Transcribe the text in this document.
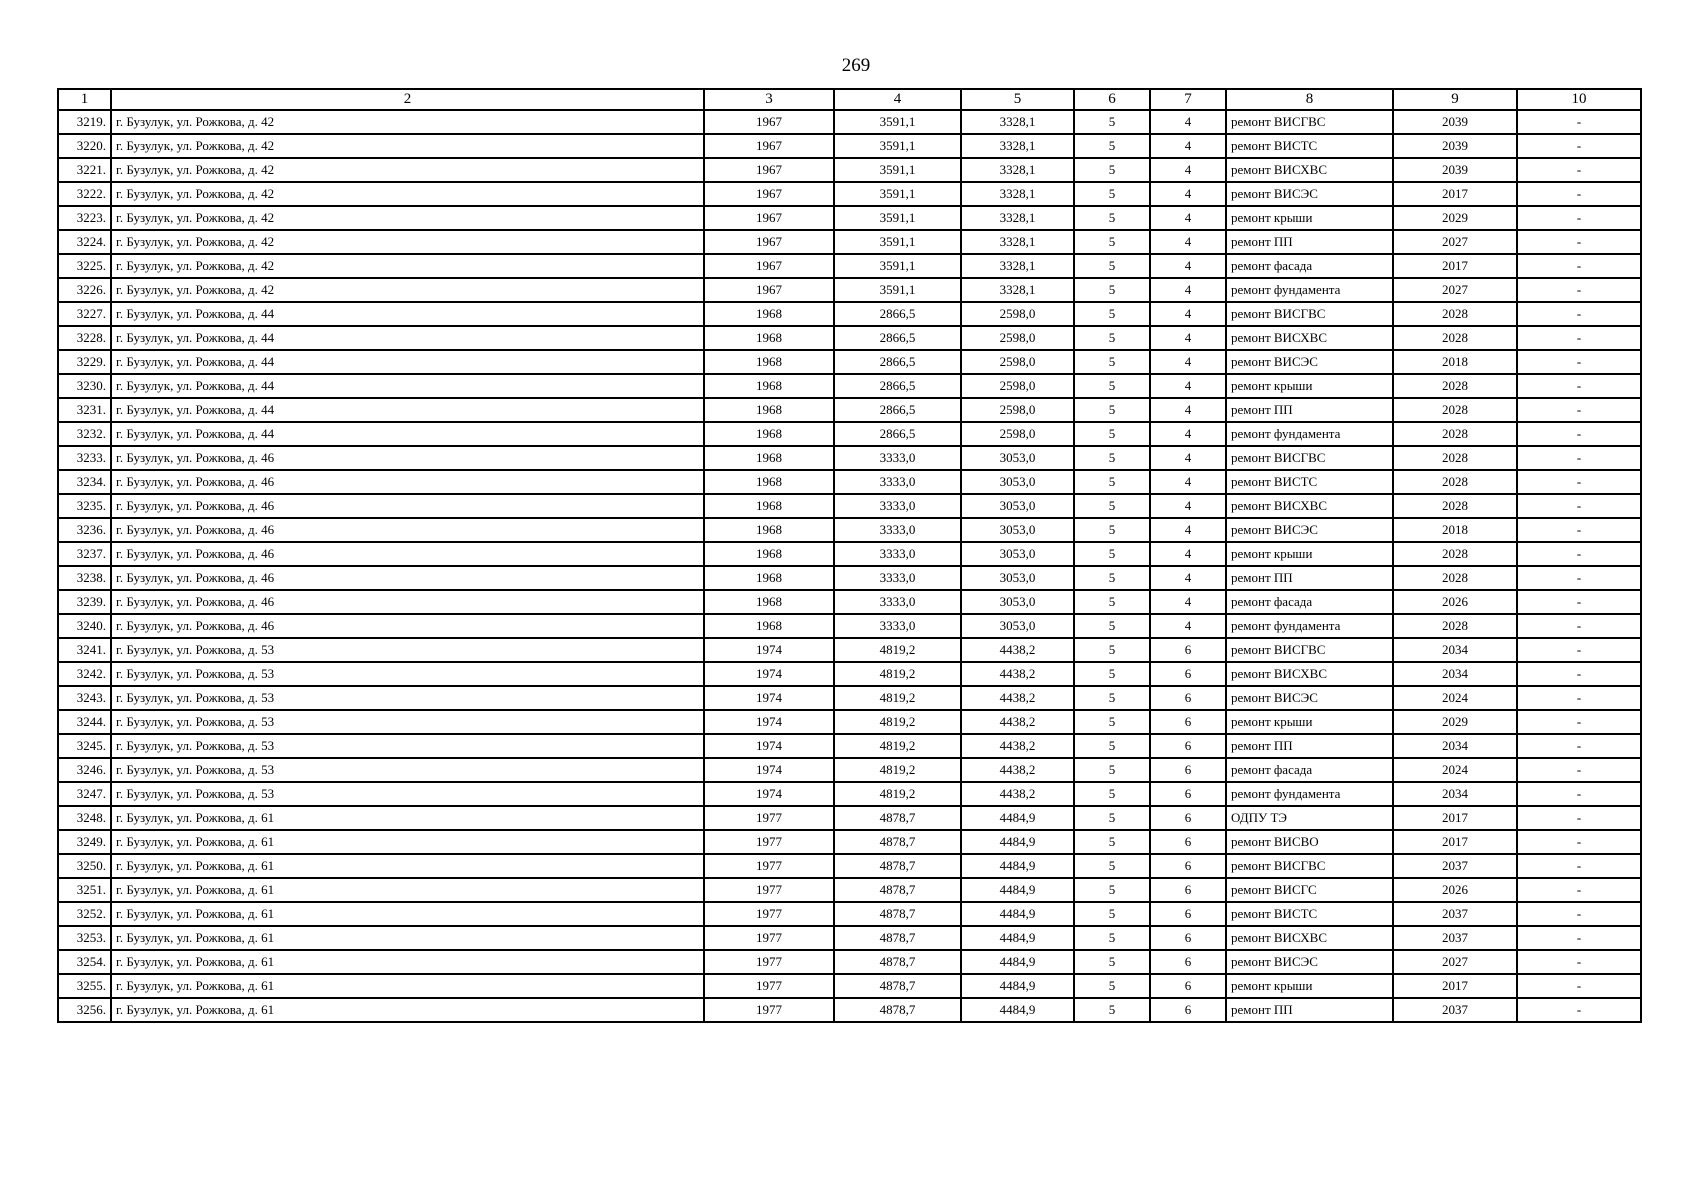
269
1	2	3	4	5	6	7	8	9	10
3219.	г. Бузулук, ул. Рожкова, д. 42	1967	3591,1	3328,1	5	4	ремонт ВИСГВС	2039	-
3220.	г. Бузулук, ул. Рожкова, д. 42	1967	3591,1	3328,1	5	4	ремонт ВИСТС	2039	-
3221.	г. Бузулук, ул. Рожкова, д. 42	1967	3591,1	3328,1	5	4	ремонт ВИСХВС	2039	-
3222.	г. Бузулук, ул. Рожкова, д. 42	1967	3591,1	3328,1	5	4	ремонт ВИСЭС	2017	-
3223.	г. Бузулук, ул. Рожкова, д. 42	1967	3591,1	3328,1	5	4	ремонт крыши	2029	-
3224.	г. Бузулук, ул. Рожкова, д. 42	1967	3591,1	3328,1	5	4	ремонт ПП	2027	-
3225.	г. Бузулук, ул. Рожкова, д. 42	1967	3591,1	3328,1	5	4	ремонт фасада	2017	-
3226.	г. Бузулук, ул. Рожкова, д. 42	1967	3591,1	3328,1	5	4	ремонт фундамента	2027	-
3227.	г. Бузулук, ул. Рожкова, д. 44	1968	2866,5	2598,0	5	4	ремонт ВИСГВС	2028	-
3228.	г. Бузулук, ул. Рожкова, д. 44	1968	2866,5	2598,0	5	4	ремонт ВИСХВС	2028	-
3229.	г. Бузулук, ул. Рожкова, д. 44	1968	2866,5	2598,0	5	4	ремонт ВИСЭС	2018	-
3230.	г. Бузулук, ул. Рожкова, д. 44	1968	2866,5	2598,0	5	4	ремонт крыши	2028	-
3231.	г. Бузулук, ул. Рожкова, д. 44	1968	2866,5	2598,0	5	4	ремонт ПП	2028	-
3232.	г. Бузулук, ул. Рожкова, д. 44	1968	2866,5	2598,0	5	4	ремонт фундамента	2028	-
3233.	г. Бузулук, ул. Рожкова, д. 46	1968	3333,0	3053,0	5	4	ремонт ВИСГВС	2028	-
3234.	г. Бузулук, ул. Рожкова, д. 46	1968	3333,0	3053,0	5	4	ремонт ВИСТС	2028	-
3235.	г. Бузулук, ул. Рожкова, д. 46	1968	3333,0	3053,0	5	4	ремонт ВИСХВС	2028	-
3236.	г. Бузулук, ул. Рожкова, д. 46	1968	3333,0	3053,0	5	4	ремонт ВИСЭС	2018	-
3237.	г. Бузулук, ул. Рожкова, д. 46	1968	3333,0	3053,0	5	4	ремонт крыши	2028	-
3238.	г. Бузулук, ул. Рожкова, д. 46	1968	3333,0	3053,0	5	4	ремонт ПП	2028	-
3239.	г. Бузулук, ул. Рожкова, д. 46	1968	3333,0	3053,0	5	4	ремонт фасада	2026	-
3240.	г. Бузулук, ул. Рожкова, д. 46	1968	3333,0	3053,0	5	4	ремонт фундамента	2028	-
3241.	г. Бузулук, ул. Рожкова, д. 53	1974	4819,2	4438,2	5	6	ремонт ВИСГВС	2034	-
3242.	г. Бузулук, ул. Рожкова, д. 53	1974	4819,2	4438,2	5	6	ремонт ВИСХВС	2034	-
3243.	г. Бузулук, ул. Рожкова, д. 53	1974	4819,2	4438,2	5	6	ремонт ВИСЭС	2024	-
3244.	г. Бузулук, ул. Рожкова, д. 53	1974	4819,2	4438,2	5	6	ремонт крыши	2029	-
3245.	г. Бузулук, ул. Рожкова, д. 53	1974	4819,2	4438,2	5	6	ремонт ПП	2034	-
3246.	г. Бузулук, ул. Рожкова, д. 53	1974	4819,2	4438,2	5	6	ремонт фасада	2024	-
3247.	г. Бузулук, ул. Рожкова, д. 53	1974	4819,2	4438,2	5	6	ремонт фундамента	2034	-
3248.	г. Бузулук, ул. Рожкова, д. 61	1977	4878,7	4484,9	5	6	ОДПУ ТЭ	2017	-
3249.	г. Бузулук, ул. Рожкова, д. 61	1977	4878,7	4484,9	5	6	ремонт ВИСВО	2017	-
3250.	г. Бузулук, ул. Рожкова, д. 61	1977	4878,7	4484,9	5	6	ремонт ВИСГВС	2037	-
3251.	г. Бузулук, ул. Рожкова, д. 61	1977	4878,7	4484,9	5	6	ремонт ВИСГС	2026	-
3252.	г. Бузулук, ул. Рожкова, д. 61	1977	4878,7	4484,9	5	6	ремонт ВИСТС	2037	-
3253.	г. Бузулук, ул. Рожкова, д. 61	1977	4878,7	4484,9	5	6	ремонт ВИСХВС	2037	-
3254.	г. Бузулук, ул. Рожкова, д. 61	1977	4878,7	4484,9	5	6	ремонт ВИСЭС	2027	-
3255.	г. Бузулук, ул. Рожкова, д. 61	1977	4878,7	4484,9	5	6	ремонт крыши	2017	-
3256.	г. Бузулук, ул. Рожкова, д. 61	1977	4878,7	4484,9	5	6	ремонт ПП	2037	-
